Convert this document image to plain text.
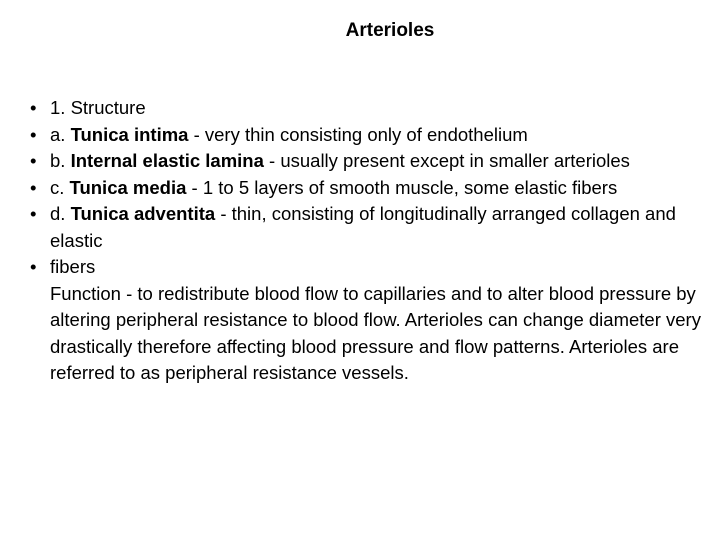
Arterioles
• 1. Structure
• a. Tunica intima - very thin consisting only of endothelium
• b. Internal elastic lamina - usually present except in smaller arterioles
• c. Tunica media - 1 to 5 layers of smooth muscle, some elastic fibers
• d. Tunica adventita - thin, consisting of longitudinally arranged collagen and elastic
• fibers
Function - to redistribute blood flow to capillaries and to alter blood pressure by altering peripheral resistance to blood flow. Arterioles can change diameter very drastically therefore affecting blood pressure and flow patterns. Arterioles are referred to as peripheral resistance vessels.
